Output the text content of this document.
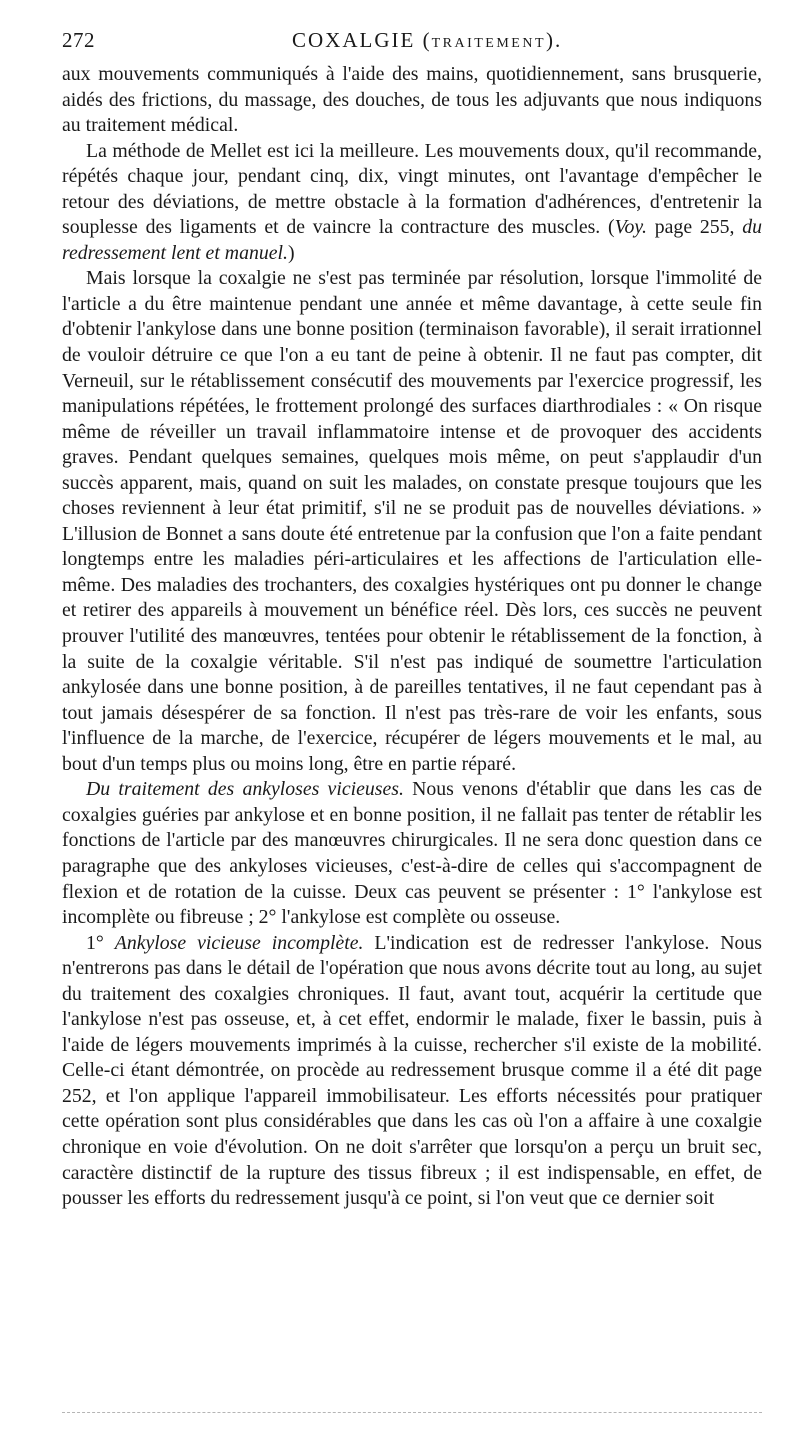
272	COXALGIE (TRAITEMENT).

aux mouvements communiqués à l'aide des mains, quotidiennement, sans brusquerie, aidés des frictions, du massage, des douches, de tous les adjuvants que nous indiquons au traitement médical.

La méthode de Mellet est ici la meilleure. Les mouvements doux, qu'il recommande, répétés chaque jour, pendant cinq, dix, vingt minutes, ont l'avantage d'empêcher le retour des déviations, de mettre obstacle à la formation d'adhérences, d'entretenir la souplesse des ligaments et de vaincre la contracture des muscles. (Voy. page 255, du redressement lent et manuel.)

Mais lorsque la coxalgie ne s'est pas terminée par résolution, lorsque l'immolité de l'article a du être maintenue pendant une année et même davantage, à cette seule fin d'obtenir l'ankylose dans une bonne position (terminaison favorable), il serait irrationnel de vouloir détruire ce que l'on a eu tant de peine à obtenir. Il ne faut pas compter, dit Verneuil, sur le rétablissement consécutif des mouvements par l'exercice progressif, les manipulations répétées, le frottement prolongé des surfaces diarthrodiales : « On risque même de réveiller un travail inflammatoire intense et de provoquer des accidents graves. Pendant quelques semaines, quelques mois même, on peut s'applaudir d'un succès apparent, mais, quand on suit les malades, on constate presque toujours que les choses reviennent à leur état primitif, s'il ne se produit pas de nouvelles déviations. » L'illusion de Bonnet a sans doute été entretenue par la confusion que l'on a faite pendant longtemps entre les maladies péri-articulaires et les affections de l'articulation elle-même. Des maladies des trochanters, des coxalgies hystériques ont pu donner le change et retirer des appareils à mouvement un bénéfice réel. Dès lors, ces succès ne peuvent prouver l'utilité des manœuvres, tentées pour obtenir le rétablissement de la fonction, à la suite de la coxalgie véritable. S'il n'est pas indiqué de soumettre l'articulation ankylosée dans une bonne position, à de pareilles tentatives, il ne faut cependant pas à tout jamais désespérer de sa fonction. Il n'est pas très-rare de voir les enfants, sous l'influence de la marche, de l'exercice, récupérer de légers mouvements et le mal, au bout d'un temps plus ou moins long, être en partie réparé.

Du traitement des ankyloses vicieuses. Nous venons d'établir que dans les cas de coxalgies guéries par ankylose et en bonne position, il ne fallait pas tenter de rétablir les fonctions de l'article par des manœuvres chirurgicales. Il ne sera donc question dans ce paragraphe que des ankyloses vicieuses, c'est-à-dire de celles qui s'accompagnent de flexion et de rotation de la cuisse. Deux cas peuvent se présenter : 1° l'ankylose est incomplète ou fibreuse ; 2° l'ankylose est complète ou osseuse.

1° Ankylose vicieuse incomplète. L'indication est de redresser l'ankylose. Nous n'entrerons pas dans le détail de l'opération que nous avons décrite tout au long, au sujet du traitement des coxalgies chroniques. Il faut, avant tout, acquérir la certitude que l'ankylose n'est pas osseuse, et, à cet effet, endormir le malade, fixer le bassin, puis à l'aide de légers mouvements imprimés à la cuisse, rechercher s'il existe de la mobilité. Celle-ci étant démontrée, on procède au redressement brusque comme il a été dit page 252, et l'on applique l'appareil immobilisateur. Les efforts nécessités pour pratiquer cette opération sont plus considérables que dans les cas où l'on a affaire à une coxalgie chronique en voie d'évolution. On ne doit s'arrêter que lorsqu'on a perçu un bruit sec, caractère distinctif de la rupture des tissus fibreux ; il est indispensable, en effet, de pousser les efforts du redressement jusqu'à ce point, si l'on veut que ce dernier soit
